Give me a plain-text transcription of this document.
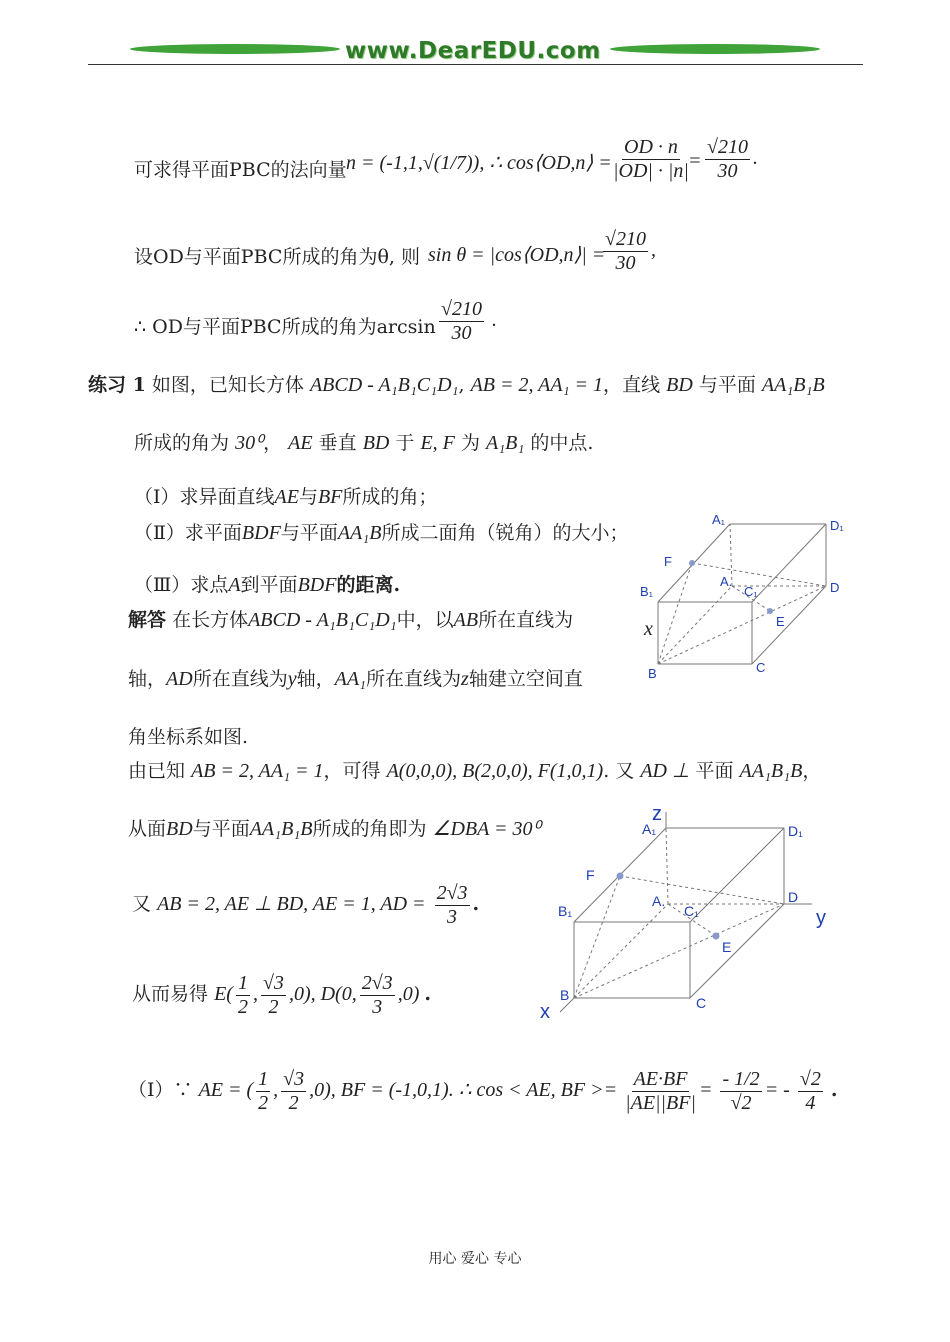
www.DearEDU.com
可求得平面PBC的法向量 n = (-1,1,√(1/7)), ∴ cos⟨OD,n⟩ = $\frac{OD \cdot n}{|OD| \cdot |n|} = \frac{√210}{30}$ .
设OD与平面PBC所成的角为θ, 则 sin θ = |cos⟨OD,n⟩| =
$\frac{√210}{30}$ ,
∴ OD与平面PBC所成的角为$\arcsin \frac{√210}{30}$ .
练习 1 如图，已知长方体 ABCD - A₁B₁C₁D₁, AB = 2, AA₁ = 1，直线 BD 与平面 AA₁B₁B
所成的角为 30⁰， AE 垂直 BD 于 E, F 为 A₁B₁ 的中点.
（Ⅰ）求异面直线AE与BF所成的角；
（Ⅱ）求平面BDF与平面AA₁B所成二面角（锐角）的大小；
（Ⅲ）求点A到平面BDF的距离.
解答 在长方体ABCD - A₁B₁C₁D₁中，以AB所在直线为	x
轴，AD所在直线为y轴，AA₁所在直线为z轴建立空间直
角坐标系如图.
由已知 AB = 2, AA₁ = 1，可得 A(0,0,0), B(2,0,0), F(1,0,1). 又 AD ⊥ 平面 AA₁B₁B，
从面BD与平面AA₁B₁B所成的角即为 ∠DBA = 30⁰
又 AB = 2, AE ⊥ BD, AE = 1, AD = $\frac{2√3}{3}$ .
从而易得 $E( \frac{1}{2}$ , $\frac{√3}{2} ,0$), D(0, $\frac{2√3}{3} ,0$) .
（Ⅰ）∵ AE = ( $\frac{1}{2}$ , $\frac{√3}{2} ,0$), BF = (-1,0,1). ∴ cos < AE, BF >= $\frac{AE\cdot BF}{|AE||BF|} = \frac{- 1/2}{√2}$ = - $\frac{√2}{4}$ .
A₁	D₁
F
A.
C₁	D
B₁
E
B	C
z
A₁	D₁
F
A.
C₁
D
y
B₁
E
B	C
x
用心 爱心 专心
